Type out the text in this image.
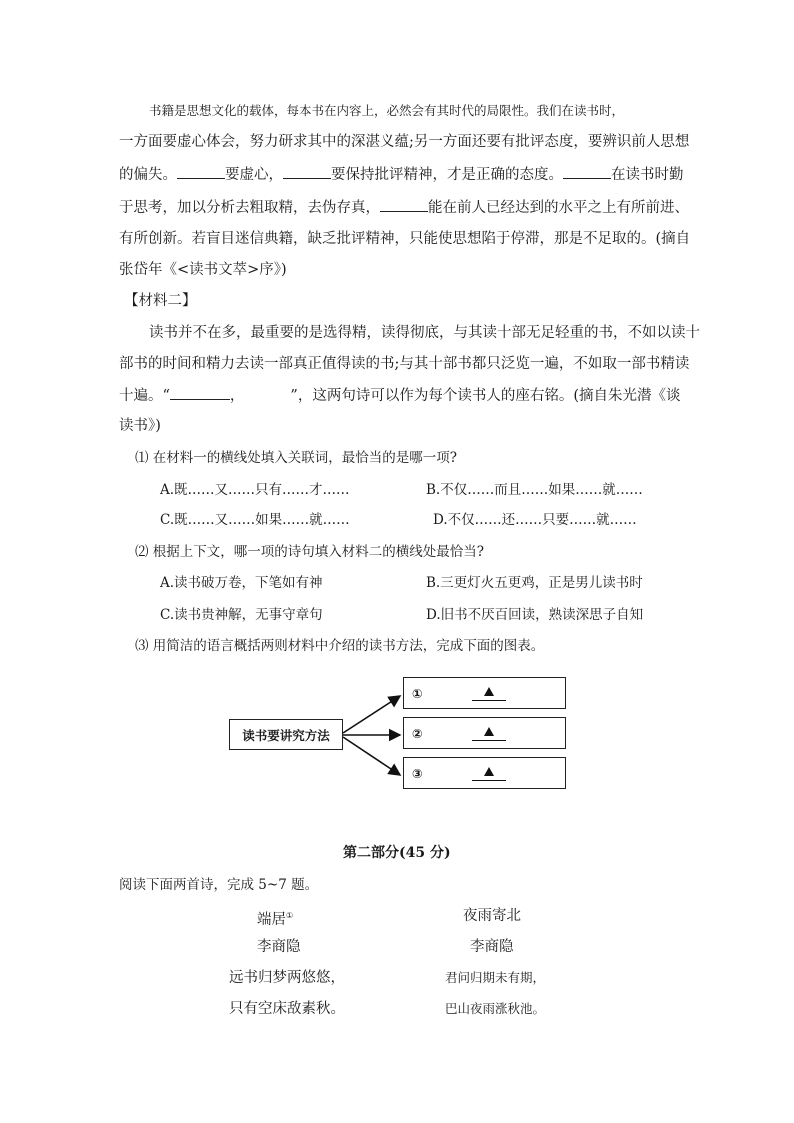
书籍是思想文化的载体，每本书在内容上，必然会有其时代的局限性。我们在读书时，
一方面要虚心体会，努力研求其中的深湛义蕴;另一方面还要有批评态度，要辨识前人思想
的偏失。	要虚心，	要保持批评精神，才是正确的态度。	在读书时勤
于思考，加以分析去粗取精，去伪存真，	能在前人已经达到的水平之上有所前进、
有所创新。若盲目迷信典籍，缺乏批评精神，只能使思想陷于停滞，那是不足取的。(摘自
张岱年《<读书文萃>序》)
【材料二】
读书并不在多，最重要的是选得精，读得彻底，与其读十部无足轻重的书，不如以读十
部书的时间和精力去读一部真正值得读的书;与其十部书都只泛览一遍，不如取一部书精读
十遍。“	，	”，这两句诗可以作为每个读书人的座右铭。(摘自朱光潜《谈
读书》)
⑴ 在材料一的横线处填入关联词，最恰当的是哪一项?
A.既……又……只有……才……	B.不仅……而且……如果……就……
C.既……又……如果……就……	D.不仅……还……只要……就……
⑵ 根据上下文，哪一项的诗句填入材料二的横线处最恰当?
A.读书破万卷，下笔如有神	B.三更灯火五更鸡，正是男儿读书时
C.读书贵神解，无事守章句	D.旧书不厌百回读，熟读深思子自知
⑶ 用简洁的语言概括两则材料中介绍的读书方法，完成下面的图表。
读书要讲究方法
①
②
③
第二部分(45 分)
阅读下面两首诗，完成 5~7 题。
端居①	夜雨寄北
李商隐	李商隐
远书归梦两悠悠，	君问归期未有期，
只有空床敌素秋。	巴山夜雨涨秋池。
